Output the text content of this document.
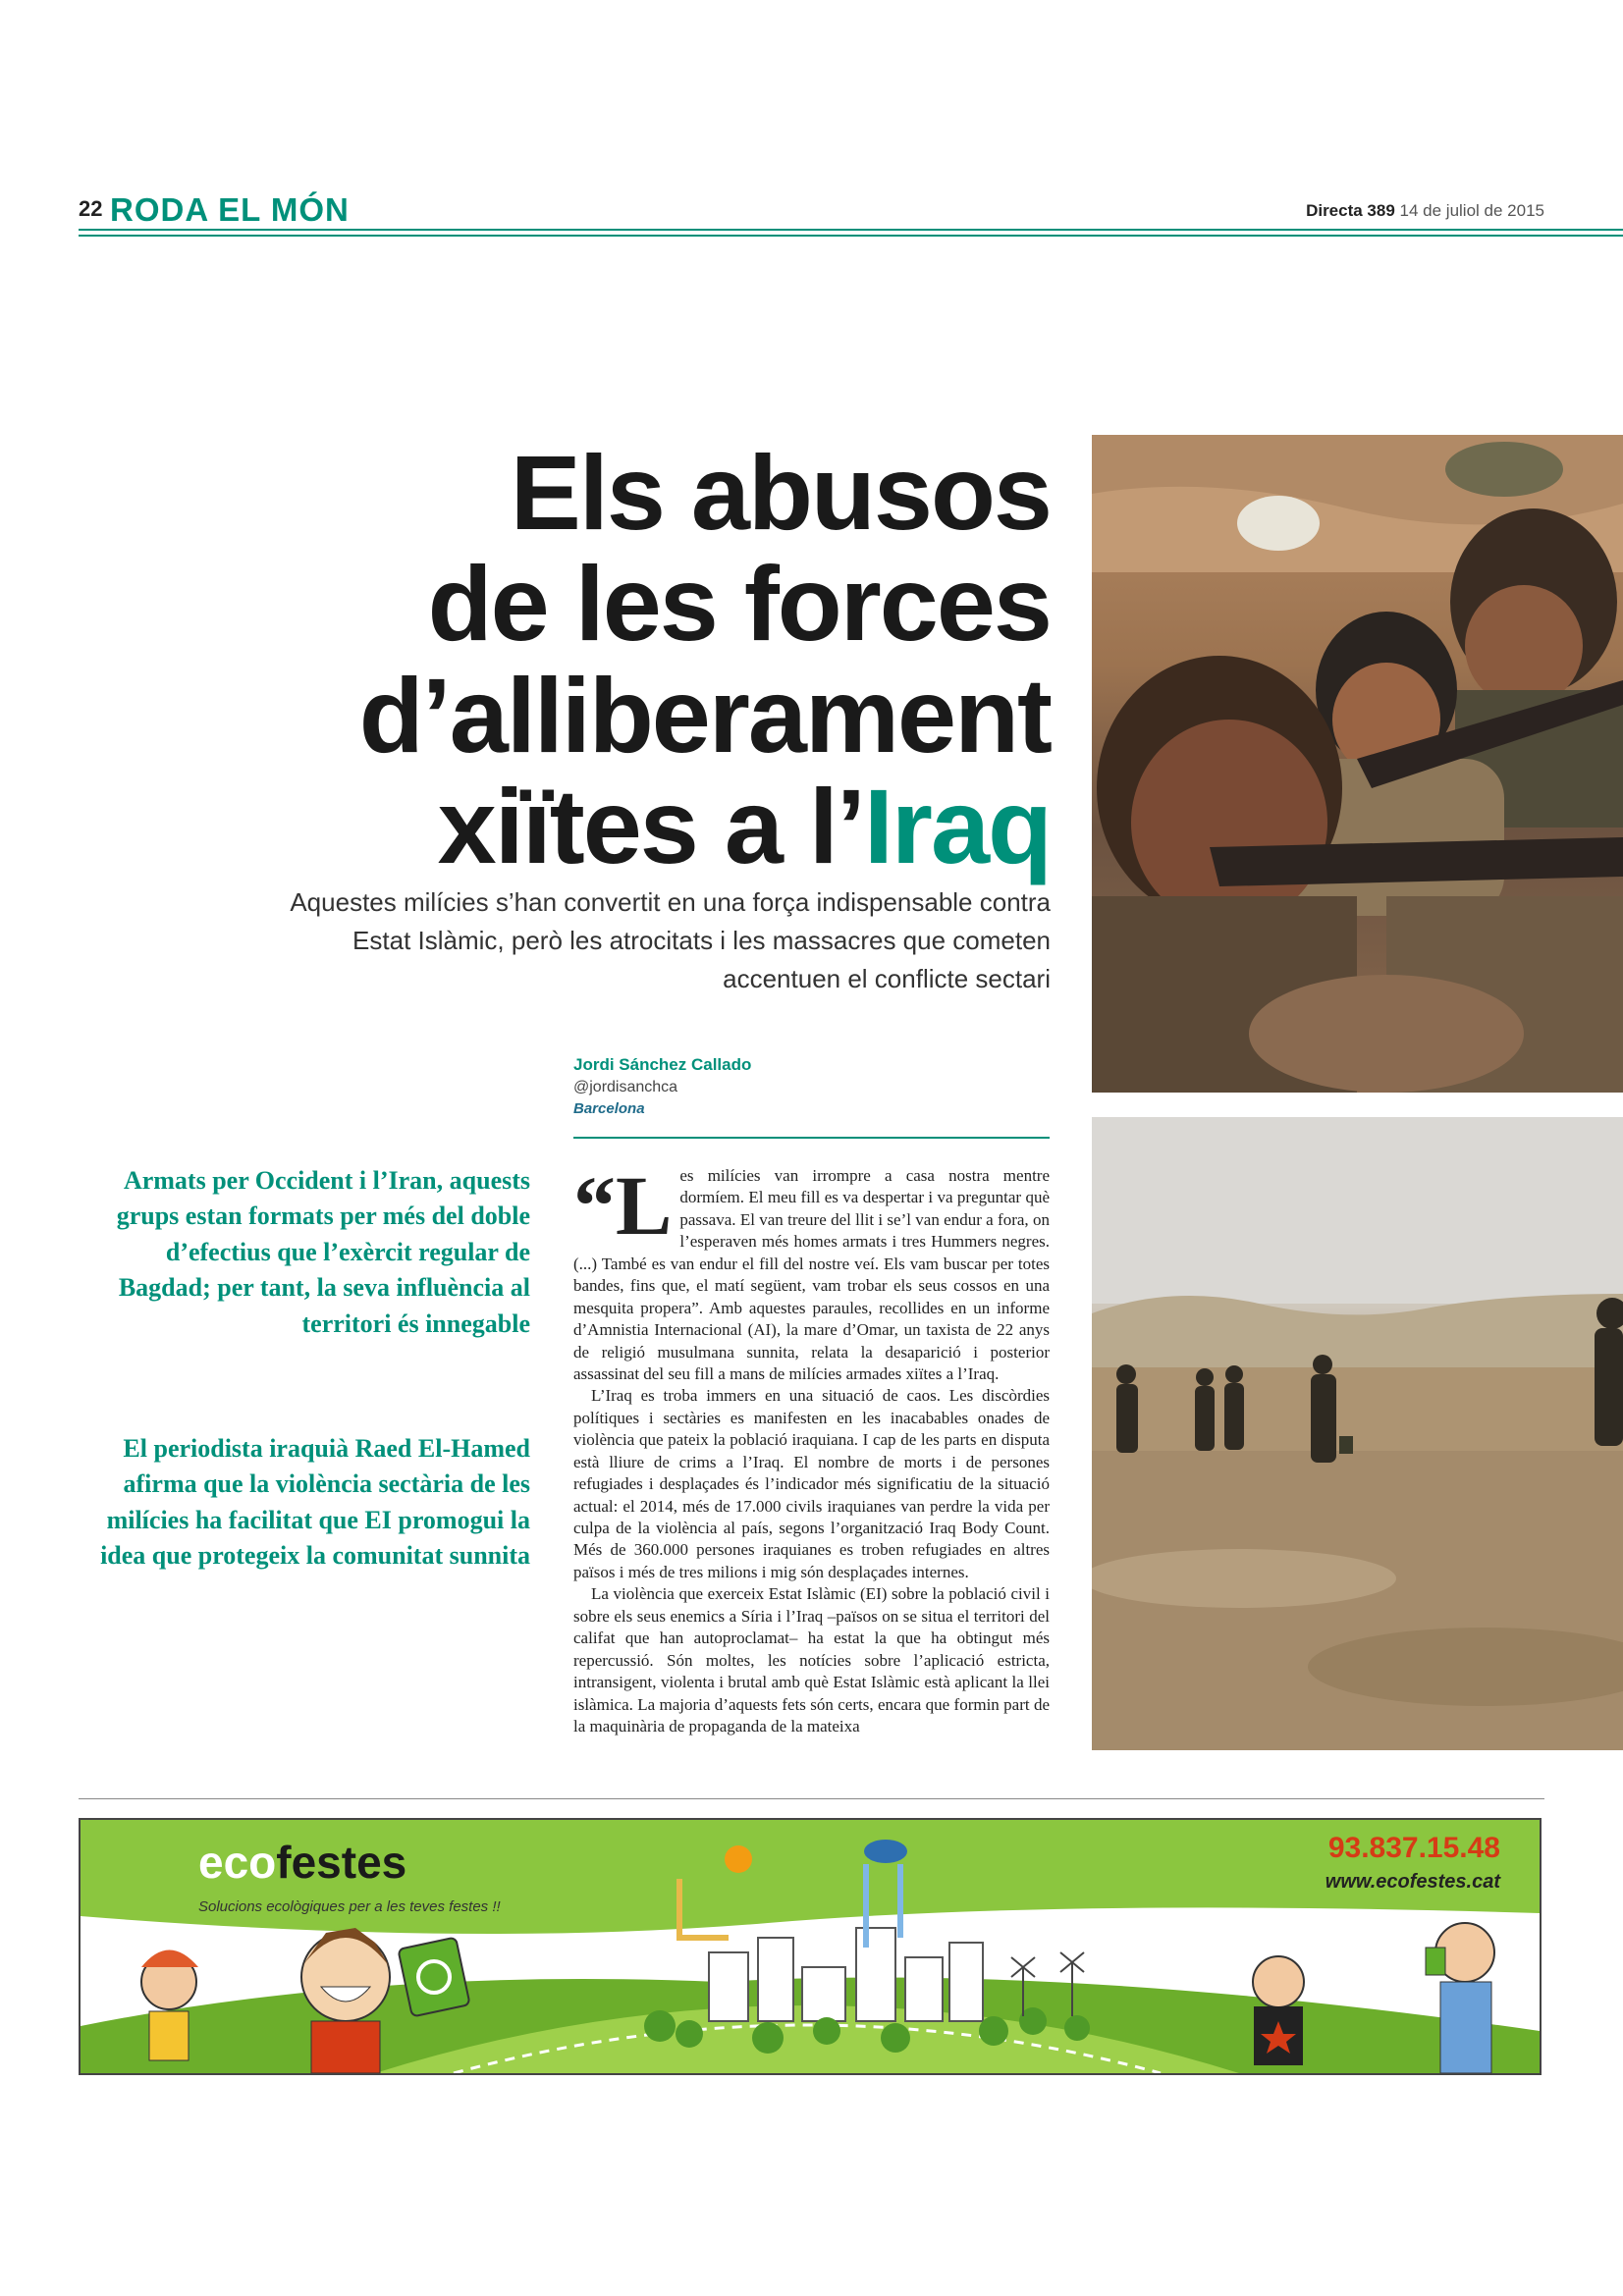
22 RODA EL MÓN	Directa 389 14 de juliol de 2015
Els abusos
de les forces
d’alliberament
xiïtes a l’Iraq
Aquestes milícies s’han convertit en una força indispensable contra Estat Islàmic, però les atrocitats i les massacres que cometen accentuen el conflicte sectari
Jordi Sánchez Callado
@jordisanchca
Barcelona
Armats per Occident i l’Iran, aquests grups estan formats per més del doble d’efectius que l’exèrcit regular de Bagdad; per tant, la seva influència al territori és innegable
El periodista iraquià Raed El-Hamed afirma que la violència sectària de les milícies ha facilitat que EI promogui la idea que protegeix la comunitat sunnita

“Les milícies van irrompre a casa nostra mentre dormíem. El meu fill es va despertar i va preguntar què passava. El van treure del llit i se’l van endur a fora, on l’esperaven més homes armats i tres Hummers negres. (...) També es van endur el fill del nostre veí. Els vam buscar per totes bandes, fins que, el matí següent, vam trobar els seus cossos en una mesquita propera”. Amb aquestes paraules, recollides en un informe d’Amnistia Internacional (AI), la mare d’Omar, un taxista de 22 anys de religió musulmana sunnita, relata la desaparició i posterior assassinat del seu fill a mans de milícies armades xiïtes a l’Iraq.

L’Iraq es troba immers en una situació de caos. Les discòrdies polítiques i sectàries es manifesten en les inacabables onades de violència que pateix la població iraquiana. I cap de les parts en disputa està lliure de crims a l’Iraq. El nombre de morts i de persones refugiades i desplaçades és l’indicador més significatiu de la situació actual: el 2014, més de 17.000 civils iraquianes van perdre la vida per culpa de la violència al país, segons l’organització Iraq Body Count. Més de 360.000 persones iraquianes es troben refugiades en altres països i més de tres milions i mig són desplaçades internes.

La violència que exerceix Estat Islàmic (EI) sobre la població civil i sobre els seus enemics a Síria i l’Iraq –països on se situa el territori del califat que han autoproclamat– ha estat la que ha obtingut més repercussió. Són moltes, les notícies sobre l’aplicació estricta, intransigent, violenta i brutal amb què Estat Islàmic està aplicant la llei islàmica. La majoria d’aquests fets són certs, encara que formin part de la maquinària de propaganda de la mateixa

ecofestes
Solucions ecològiques per a les teves festes !!
93.837.15.48
www.ecofestes.cat
